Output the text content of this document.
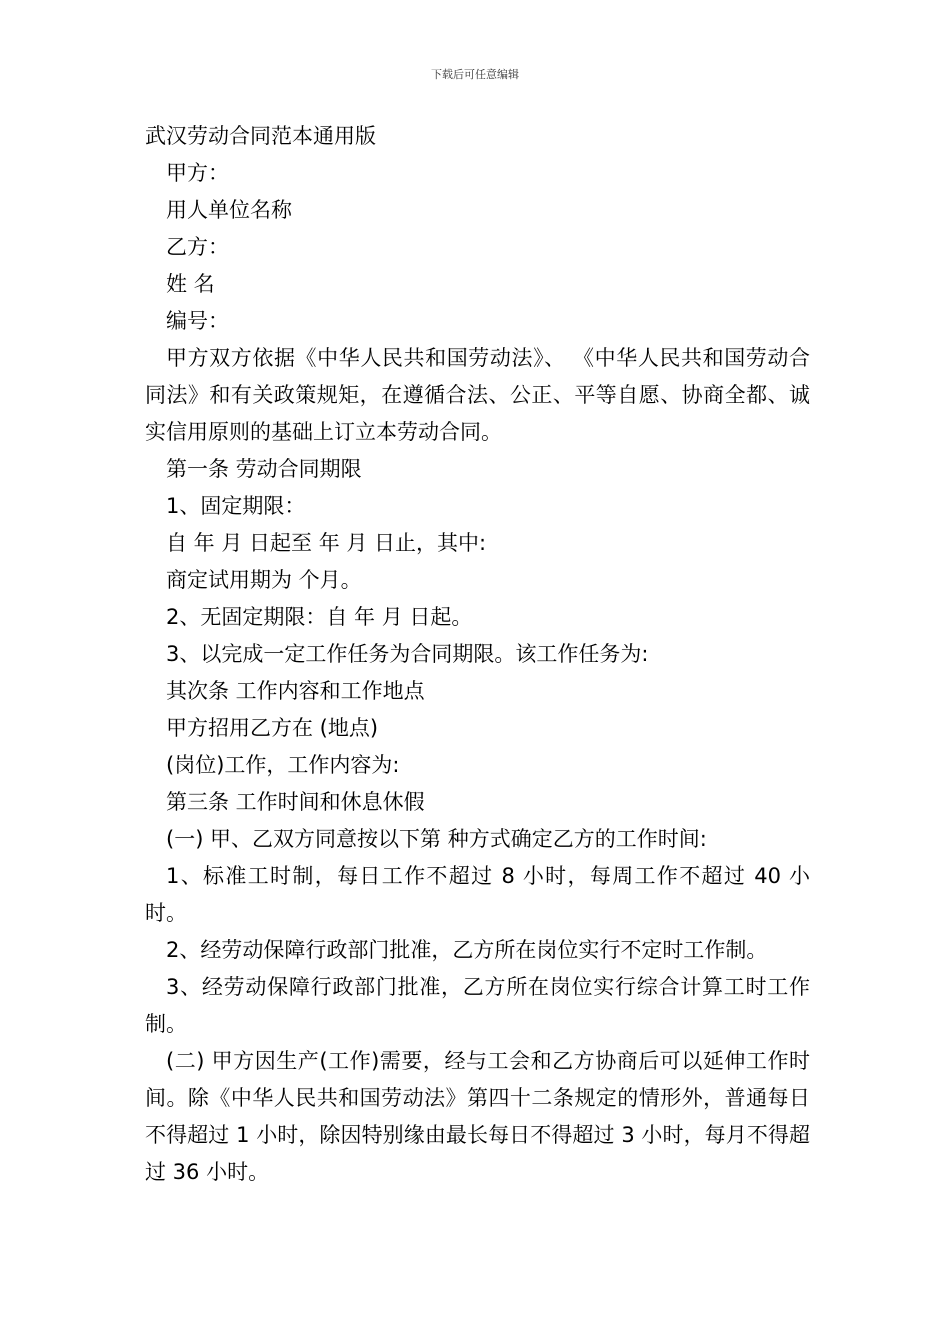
下载后可任意编辑

武汉劳动合同范本通用版

甲方：

用人单位名称

乙方：

姓 名

编号：

甲方双方依据《中华人民共和国劳动法》、 《中华人民共和国劳动合同法》和有关政策规矩，在遵循合法、公正、平等自愿、协商全都、诚实信用原则的基础上订立本劳动合同。

第一条 劳动合同期限

1、固定期限：

自 年 月 日起至 年 月 日止，其中:

商定试用期为 个月。

2、无固定期限：自 年 月 日起。

3、以完成一定工作任务为合同期限。该工作任务为:

其次条 工作内容和工作地点

甲方招用乙方在 (地点)

(岗位)工作，工作内容为:

第三条 工作时间和休息休假

(一) 甲、乙双方同意按以下第 种方式确定乙方的工作时间:

1、标准工时制，每日工作不超过 8 小时，每周工作不超过 40 小时。

2、经劳动保障行政部门批准，乙方所在岗位实行不定时工作制。

3、经劳动保障行政部门批准，乙方所在岗位实行综合计算工时工作制。

(二) 甲方因生产(工作)需要，经与工会和乙方协商后可以延伸工作时间。除《中华人民共和国劳动法》第四十二条规定的情形外，普通每日不得超过 1 小时，除因特别缘由最长每日不得超过 3 小时，每月不得超过 36 小时。
